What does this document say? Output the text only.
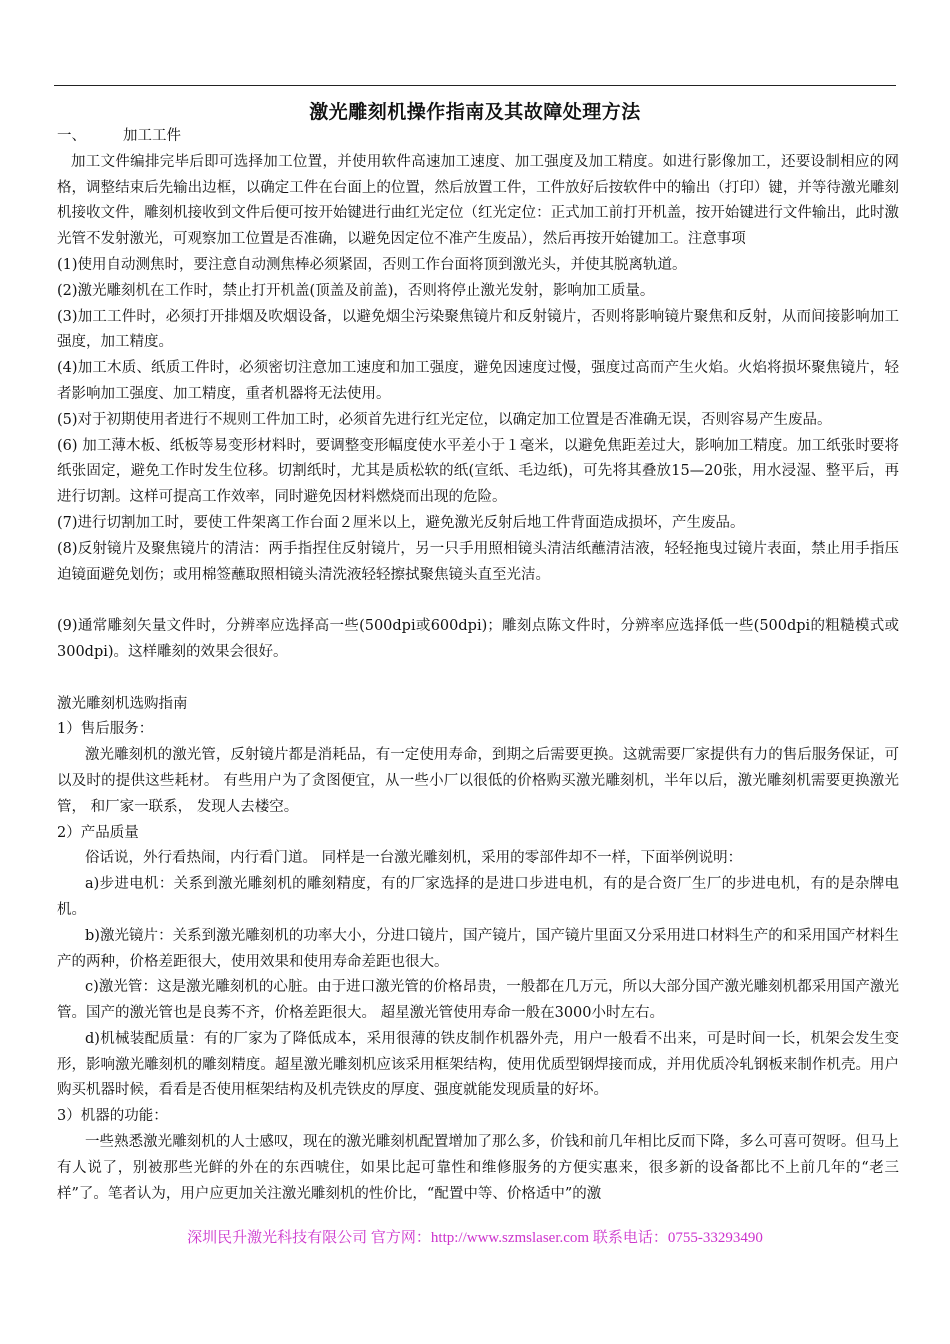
激光雕刻机操作指南及其故障处理方法

一、	加工工件

加工文件编排完毕后即可选择加工位置，并使用软件高速加工速度、加工强度及加工精度。如进行影像加工，还要设制相应的网格，调整结束后先输出边框，以确定工件在台面上的位置，然后放置工件，工件放好后按软件中的输出（打印）键，并等待激光雕刻机接收文件，雕刻机接收到文件后便可按开始键进行曲红光定位（红光定位：正式加工前打开机盖，按开始键进行文件输出，此时激光管不发射激光，可观察加工位置是否准确，以避免因定位不准产生废品），然后再按开始键加工。注意事项

(1)使用自动测焦时，要注意自动测焦棒必须紧固，否则工作台面将顶到激光头，并使其脱离轨道。

(2)激光雕刻机在工作时，禁止打开机盖(顶盖及前盖)，否则将停止激光发射，影响加工质量。

(3)加工工件时，必须打开排烟及吹烟设备，以避免烟尘污染聚焦镜片和反射镜片，否则将影响镜片聚焦和反射，从而间接影响加工强度，加工精度。

(4)加工木质、纸质工件时，必须密切注意加工速度和加工强度，避免因速度过慢，强度过高而产生火焰。火焰将损坏聚焦镜片，轻者影响加工强度、加工精度，重者机器将无法使用。

(5)对于初期使用者进行不规则工件加工时，必须首先进行红光定位，以确定加工位置是否准确无误，否则容易产生废品。

(6) 加工薄木板、纸板等易变形材料时，要调整变形幅度使水平差小于１毫米，以避免焦距差过大，影响加工精度。加工纸张时要将纸张固定，避免工作时发生位移。切割纸时，尤其是质松软的纸(宣纸、毛边纸)，可先将其叠放15—20张，用水浸湿、整平后，再进行切割。这样可提高工作效率，同时避免因材料燃烧而出现的危险。

(7)进行切割加工时，要使工件架离工作台面２厘米以上，避免激光反射后地工件背面造成损坏，产生废品。

(8)反射镜片及聚焦镜片的清洁：两手指捏住反射镜片，另一只手用照相镜头清洁纸蘸清洁液，轻轻拖曳过镜片表面，禁止用手指压迫镜面避免划伤；或用棉签蘸取照相镜头清洗液轻轻擦拭聚焦镜头直至光洁。

(9)通常雕刻矢量文件时，分辨率应选择高一些(500dpi或600dpi)；雕刻点陈文件时，分辨率应选择低一些(500dpi的粗糙模式或300dpi)。这样雕刻的效果会很好。

激光雕刻机选购指南

1）售后服务：

激光雕刻机的激光管，反射镜片都是消耗品，有一定使用寿命，到期之后需要更换。这就需要厂家提供有力的售后服务保证，可以及时的提供这些耗材。 有些用户为了贪图便宜，从一些小厂以很低的价格购买激光雕刻机，半年以后，激光雕刻机需要更换激光管， 和厂家一联系， 发现人去楼空。

2）产品质量

俗话说，外行看热闹，内行看门道。 同样是一台激光雕刻机，采用的零部件却不一样，下面举例说明：

a)步进电机：关系到激光雕刻机的雕刻精度，有的厂家选择的是进口步进电机，有的是合资厂生厂的步进电机，有的是杂牌电机。

b)激光镜片：关系到激光雕刻机的功率大小，分进口镜片，国产镜片，国产镜片里面又分采用进口材料生产的和采用国产材料生产的两种，价格差距很大，使用效果和使用寿命差距也很大。

c)激光管：这是激光雕刻机的心脏。由于进口激光管的价格昂贵，一般都在几万元，所以大部分国产激光雕刻机都采用国产激光管。国产的激光管也是良莠不齐，价格差距很大。 超星激光管使用寿命一般在3000小时左右。

d)机械装配质量：有的厂家为了降低成本，采用很薄的铁皮制作机器外壳，用户一般看不出来，可是时间一长，机架会发生变形，影响激光雕刻机的雕刻精度。超星激光雕刻机应该采用框架结构，使用优质型钢焊接而成，并用优质冷轧钢板来制作机壳。用户购买机器时候，看看是否使用框架结构及机壳铁皮的厚度、强度就能发现质量的好坏。

3）机器的功能：

一些熟悉激光雕刻机的人士感叹，现在的激光雕刻机配置增加了那么多，价钱和前几年相比反而下降，多么可喜可贺呀。但马上有人说了，别被那些光鲜的外在的东西唬住，如果比起可靠性和维修服务的方便实惠来，很多新的设备都比不上前几年的“老三样”了。笔者认为，用户应更加关注激光雕刻机的性价比，“配置中等、价格适中”的激

深圳民升激光科技有限公司 官方网：http://www.szmslaser.com 联系电话：0755-33293490
